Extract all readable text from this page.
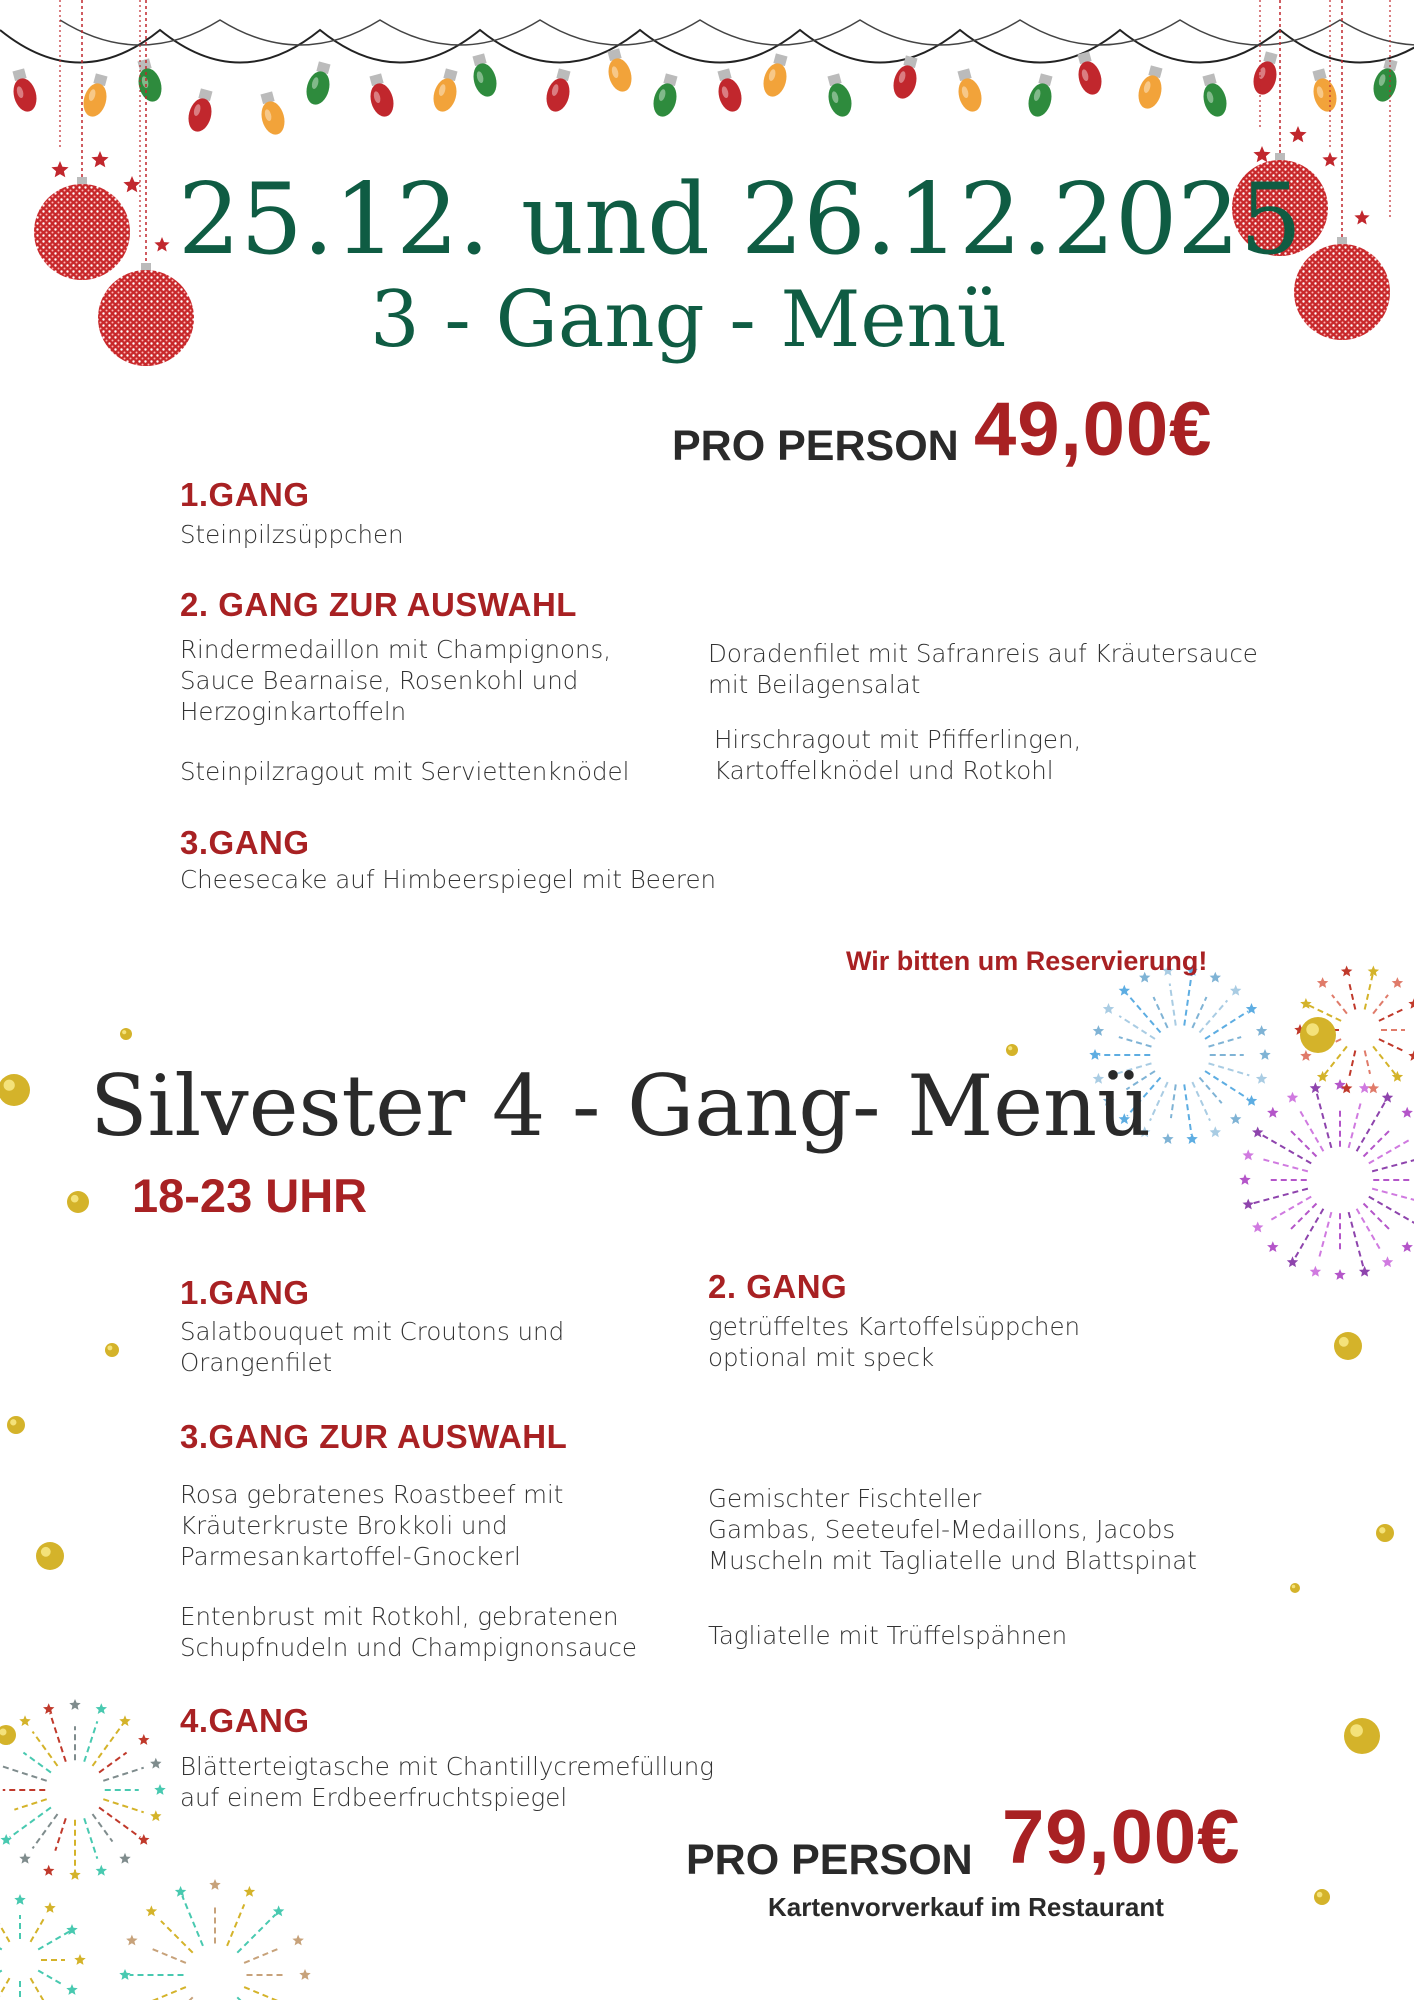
25.12. und 26.12.2025
3 - Gang - Menü
PRO PERSON 49,00€
1.GANG
Steinpilzsüppchen
2. GANG ZUR AUSWAHL
Rindermedaillon mit Champignons,
Sauce Bearnaise, Rosenkohl und
Herzoginkartoffeln
Steinpilzragout mit Serviettenknödel
Doradenfilet mit Safranreis auf Kräutersauce
mit Beilagensalat
Hirschragout mit Pfifferlingen,
Kartoffelknödel und Rotkohl
3.GANG
Cheesecake auf Himbeerspiegel mit Beeren
Wir bitten um Reservierung!
Silvester 4 - Gang- Menü
18-23 UHR
1.GANG
Salatbouquet mit Croutons und
Orangenfilet
2. GANG
getrüffeltes Kartoffelsüppchen
optional mit speck
3.GANG ZUR AUSWAHL
Rosa gebratenes Roastbeef mit
Kräuterkruste Brokkoli und
Parmesankartoffel-Gnockerl
Entenbrust mit Rotkohl, gebratenen
Schupfnudeln und Champignonsauce
Gemischter Fischteller
Gambas, Seeteufel-Medaillons, Jacobs
Muscheln mit Tagliatelle und Blattspinat
Tagliatelle mit Trüffelspähnen
4.GANG
Blätterteigtasche mit Chantillycremefüllung
auf einem Erdbeerfruchtspiegel
PRO PERSON 79,00€
Kartenvorverkauf im Restaurant
